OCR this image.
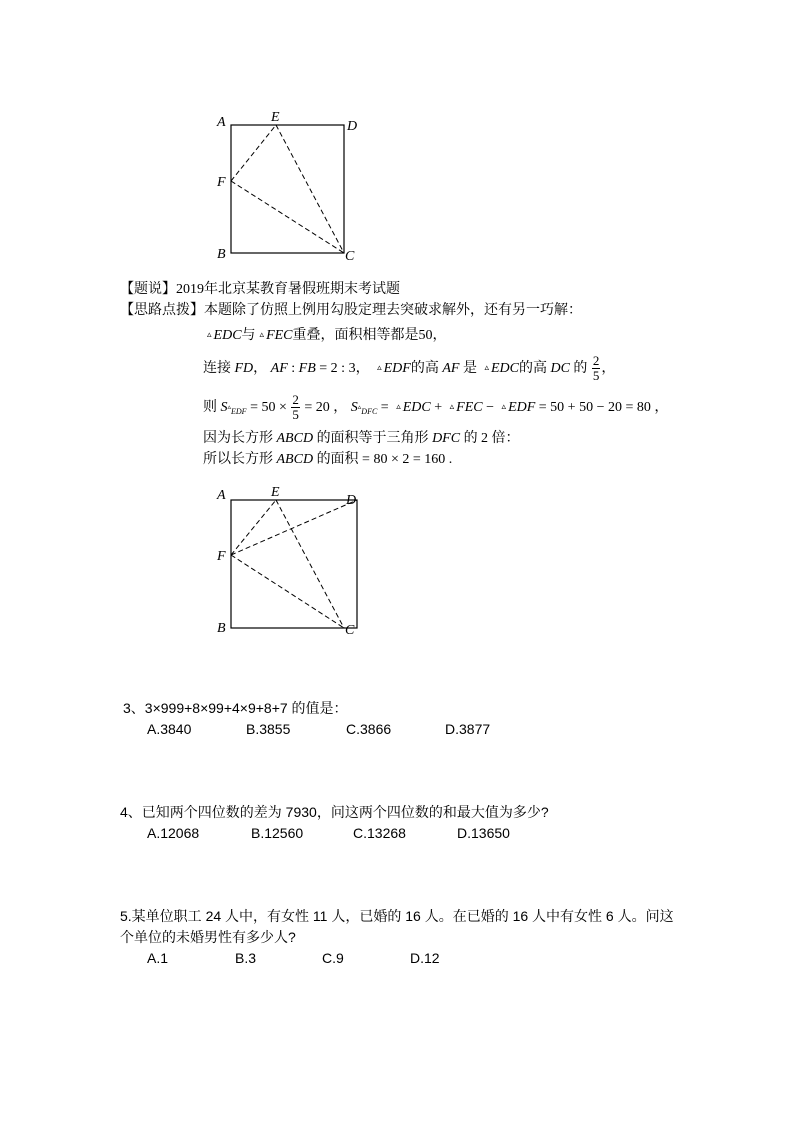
A	E
D
F
B	C
【题说】2019年北京某教育暑假班期末考试题
【思路点拨】本题除了仿照上例用勾股定理去突破求解外，还有另一巧解：
▵ EDC与 ▵ FEC重叠，面积相等都是50，
连接 FD， AF : FB = 2 : 3， ▵ EDF的高 AF 是 ▵ EDC的高 DC 的 $\frac{2}{5}$ ，
则 $S▵_{EDF} = 50 \times \frac{2}{5} = 20$ ， $S▵_{DFC}$ = ▵ EDC + ▵ FEC − ▵ EDF = 50 + 50 − 20 = 80 ，
因为长方形 ABCD 的面积等于三角形 DFC 的 2 倍：
所以长方形 ABCD 的面积 = 80 × 2 = 160 .
A	E
D
F
B	C
3、3×999+8×99+4×9+8+7 的值是：
A.3840	B.3855	C.3866	D.3877
4、已知两个四位数的差为 7930，问这两个四位数的和最大值为多少?
A.12068	B.12560	C.13268	D.13650
5.某单位职工 24 人中，有女性 11 人，已婚的 16 人。在已婚的 16 人中有女性 6 人。问这
个单位的未婚男性有多少人?
A.1	B.3	C.9	D.12
